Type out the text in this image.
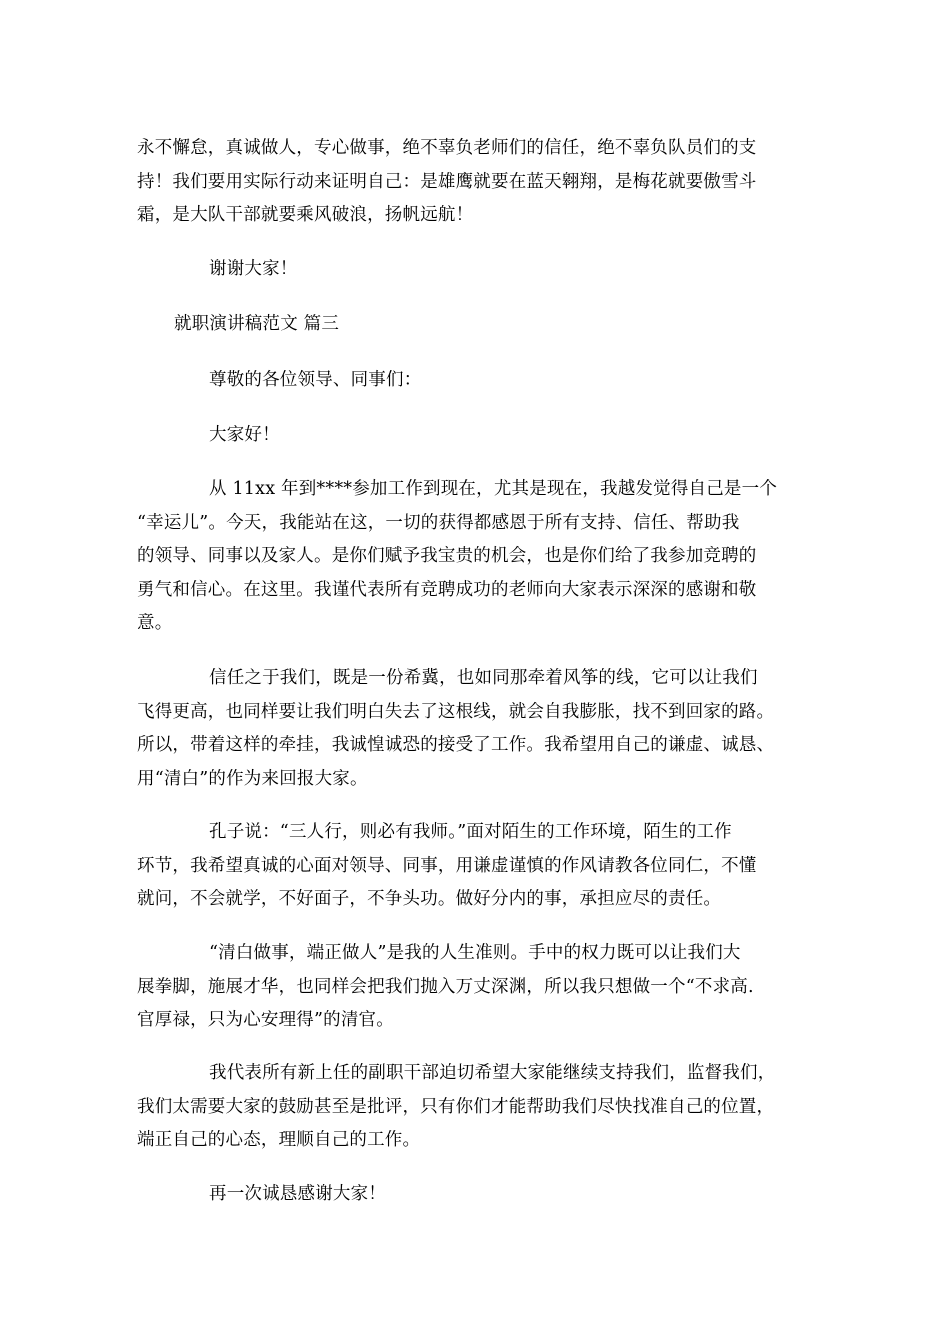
永不懈怠，真诚做人，专心做事，绝不辜负老师们的信任，绝不辜负队员们的支
持！我们要用实际行动来证明自己：是雄鹰就要在蓝天翱翔，是梅花就要傲雪斗
霜，是大队干部就要乘风破浪，扬帆远航！

谢谢大家！

就职演讲稿范文 篇三

尊敬的各位领导、同事们：

大家好！

从 11xx 年到****参加工作到现在，尤其是现在，我越发觉得自己是一个
“幸运儿”。今天，我能站在这，一切的获得都感恩于所有支持、信任、帮助我
的领导、同事以及家人。是你们赋予我宝贵的机会，也是你们给了我参加竞聘的
勇气和信心。在这里。我谨代表所有竞聘成功的老师向大家表示深深的感谢和敬
意。

信任之于我们，既是一份希冀，也如同那牵着风筝的线，它可以让我们
飞得更高，也同样要让我们明白失去了这根线，就会自我膨胀，找不到回家的路。
所以，带着这样的牵挂，我诚惶诚恐的接受了工作。我希望用自己的谦虚、诚恳、
用“清白”的作为来回报大家。

孔子说：“三人行，则必有我师。”面对陌生的工作环境，陌生的工作
环节，我希望真诚的心面对领导、同事，用谦虚谨慎的作风请教各位同仁，不懂
就问，不会就学，不好面子，不争头功。做好分内的事，承担应尽的责任。

“清白做事，端正做人”是我的人生准则。手中的权力既可以让我们大
展拳脚，施展才华，也同样会把我们抛入万丈深渊，所以我只想做一个“不求高.
官厚禄，只为心安理得”的清官。

我代表所有新上任的副职干部迫切希望大家能继续支持我们，监督我们，
我们太需要大家的鼓励甚至是批评，只有你们才能帮助我们尽快找准自己的位置，
端正自己的心态，理顺自己的工作。

再一次诚恳感谢大家！
